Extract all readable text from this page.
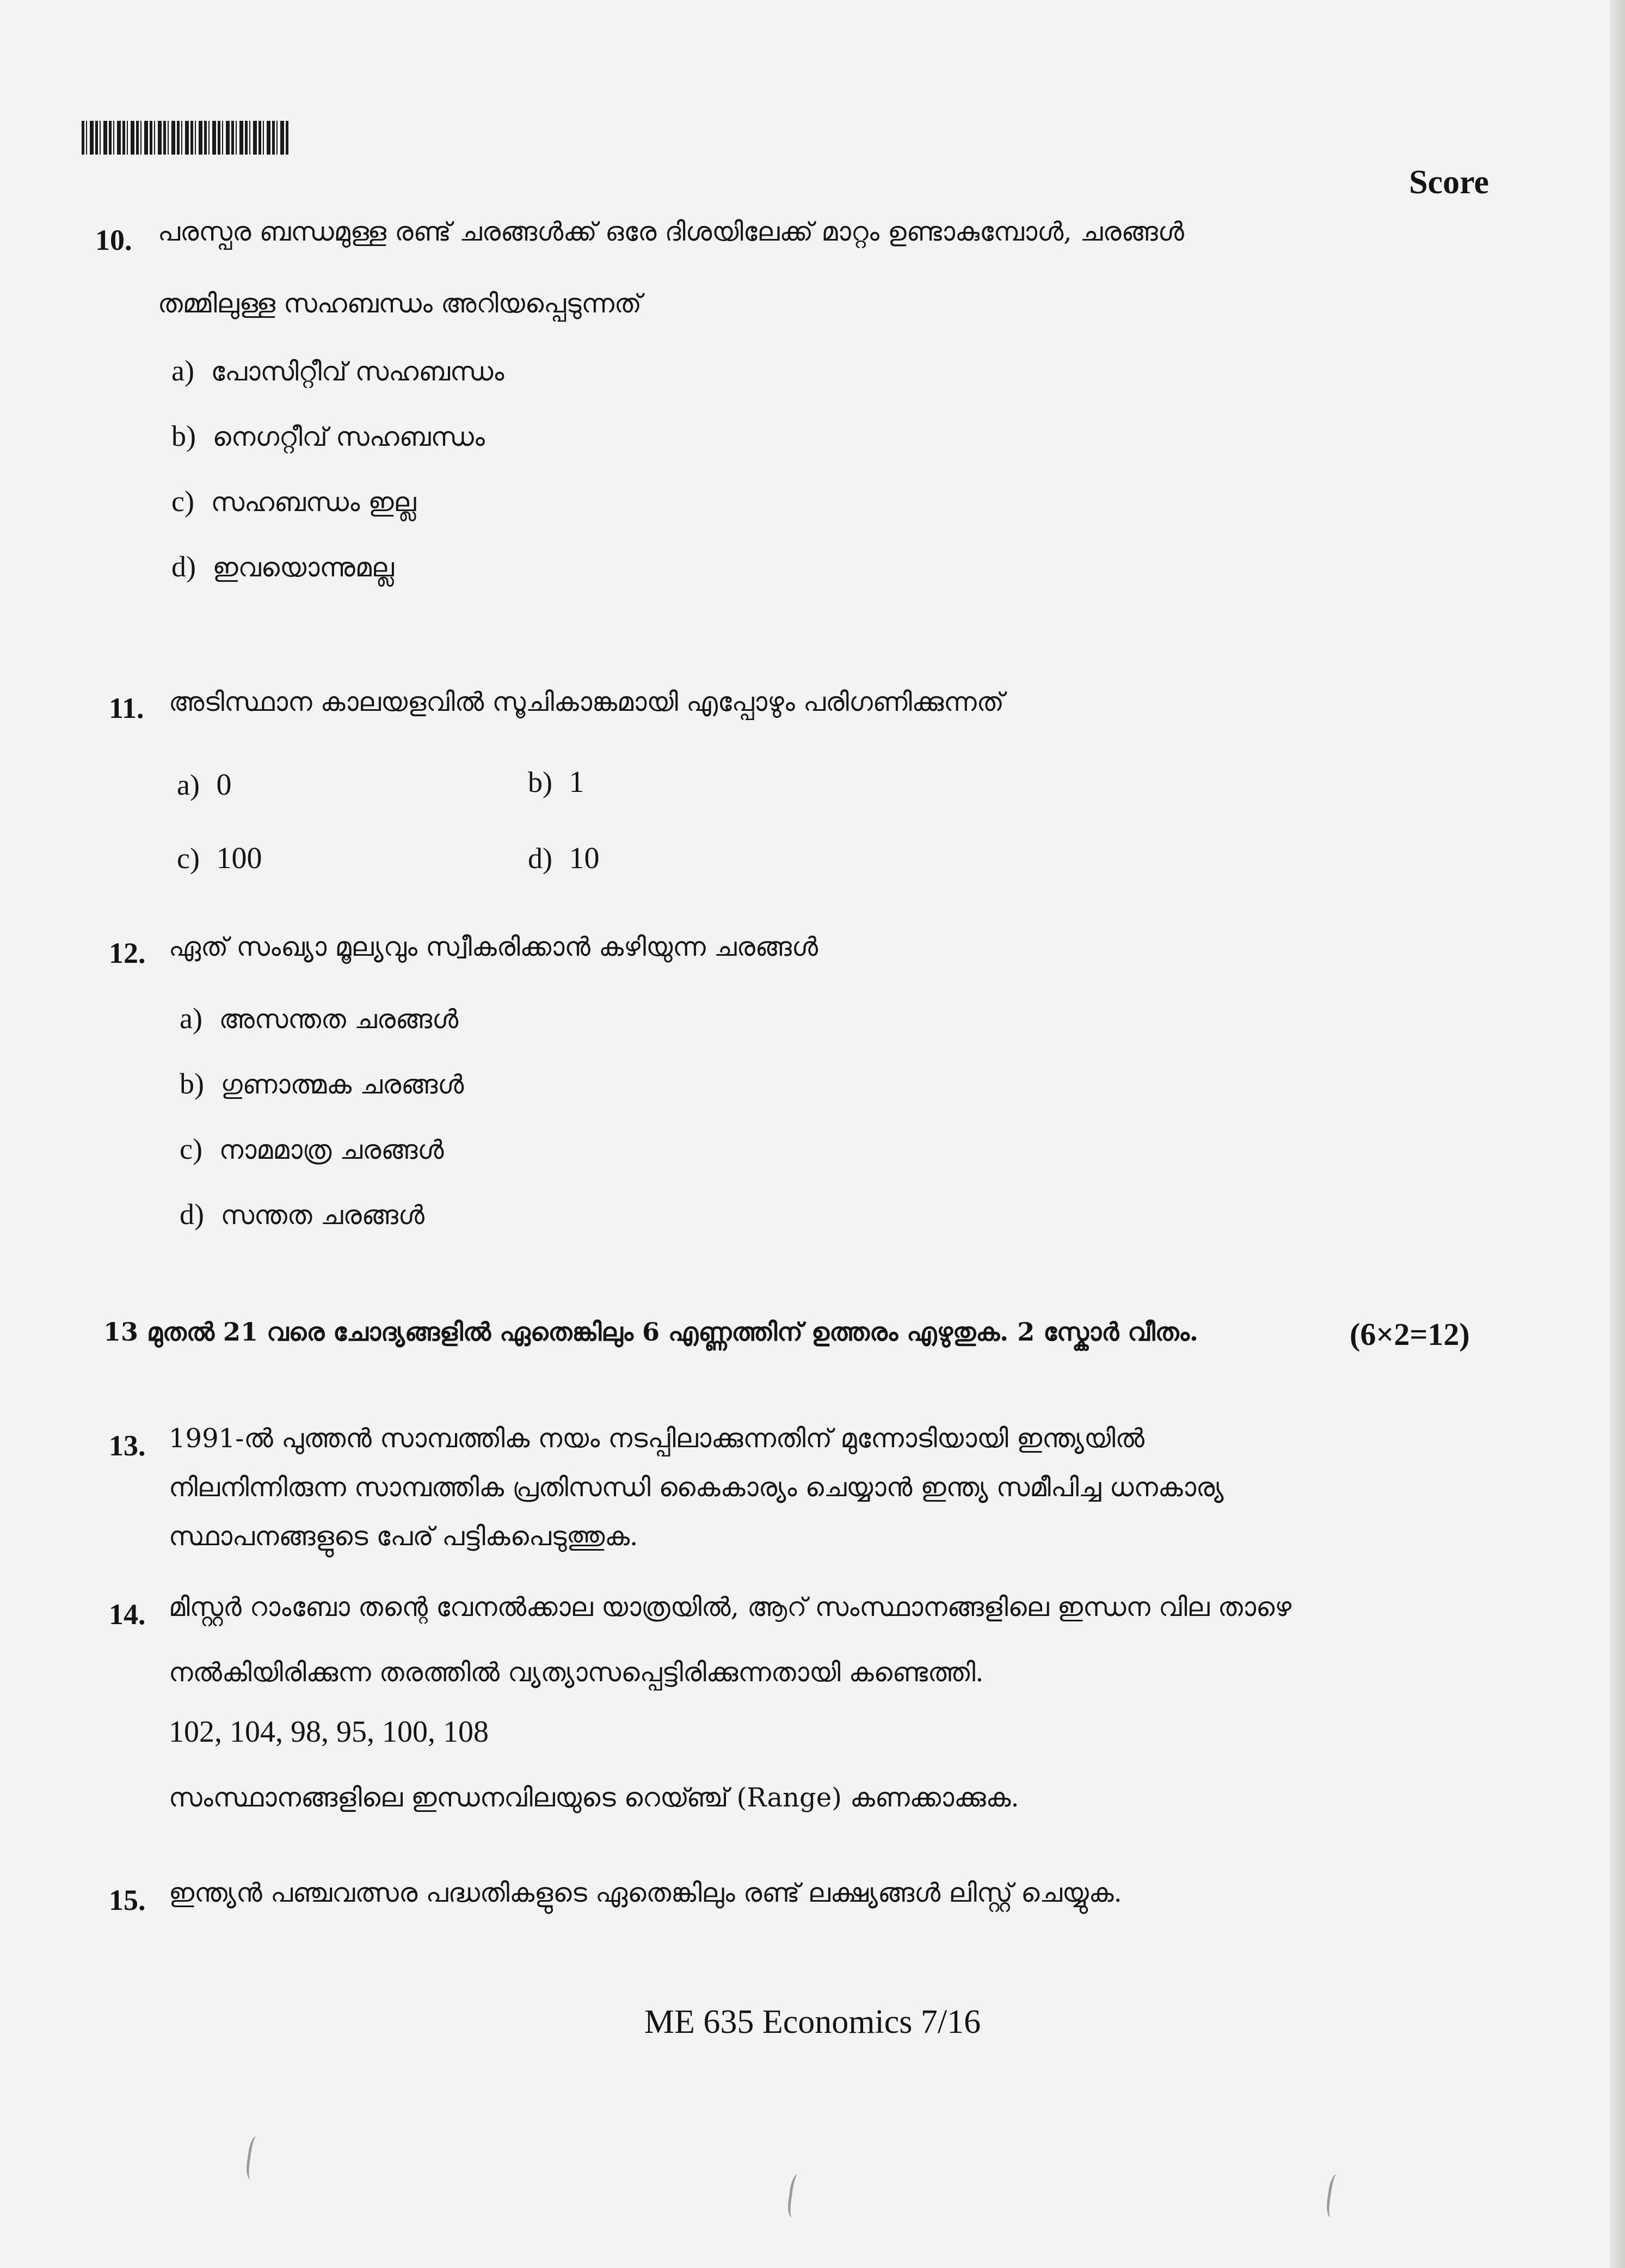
Score
10. പരസ്പര ബന്ധമുള്ള രണ്ട് ചരങ്ങൾക്ക് ഒരേ ദിശയിലേക്ക് മാറ്റം ഉണ്ടാകുമ്പോൾ, ചരങ്ങൾ
തമ്മിലുള്ള സഹബന്ധം അറിയപ്പെടുന്നത്
a) പോസിറ്റീവ് സഹബന്ധം
b) നെഗറ്റീവ് സഹബന്ധം
c) സഹബന്ധം ഇല്ല
d) ഇവയൊന്നുമല്ല
11. അടിസ്ഥാന കാലയളവിൽ സൂചികാങ്കമായി എപ്പോഴും പരിഗണിക്കുന്നത്
a) 0	b) 1
c) 100	d) 10
12. ഏത് സംഖ്യാ മൂല്യവും സ്വീകരിക്കാൻ കഴിയുന്ന ചരങ്ങൾ
a) അസന്തത ചരങ്ങൾ
b) ഗുണാത്മക ചരങ്ങൾ
c) നാമമാത്ര ചരങ്ങൾ
d) സന്തത ചരങ്ങൾ
13 മുതൽ 21 വരെ ചോദ്യങ്ങളിൽ ഏതെങ്കിലും 6 എണ്ണത്തിന് ഉത്തരം എഴുതുക. 2 സ്കോർ വീതം.	(6×2=12)
13. 1991-ൽ പുത്തൻ സാമ്പത്തിക നയം നടപ്പിലാക്കുന്നതിന് മുന്നോടിയായി ഇന്ത്യയിൽ
നിലനിന്നിരുന്ന സാമ്പത്തിക പ്രതിസന്ധി കൈകാര്യം ചെയ്യാൻ ഇന്ത്യ സമീപിച്ച ധനകാര്യ
സ്ഥാപനങ്ങളുടെ പേര് പട്ടികപെടുത്തുക.
14. മിസ്റ്റർ റാംബോ തന്റെ വേനൽക്കാല യാത്രയിൽ, ആറ് സംസ്ഥാനങ്ങളിലെ ഇന്ധന വില താഴെ
നൽകിയിരിക്കുന്ന തരത്തിൽ വ്യത്യാസപ്പെട്ടിരിക്കുന്നതായി കണ്ടെത്തി.
102, 104, 98, 95, 100, 108
സംസ്ഥാനങ്ങളിലെ ഇന്ധനവിലയുടെ റെയ്ഞ്ച് (Range) കണക്കാക്കുക.
15. ഇന്ത്യൻ പഞ്ചവത്സര പദ്ധതികളുടെ ഏതെങ്കിലും രണ്ട് ലക്ഷ്യങ്ങൾ ലിസ്റ്റ് ചെയ്യുക.
ME 635 Economics 7/16
